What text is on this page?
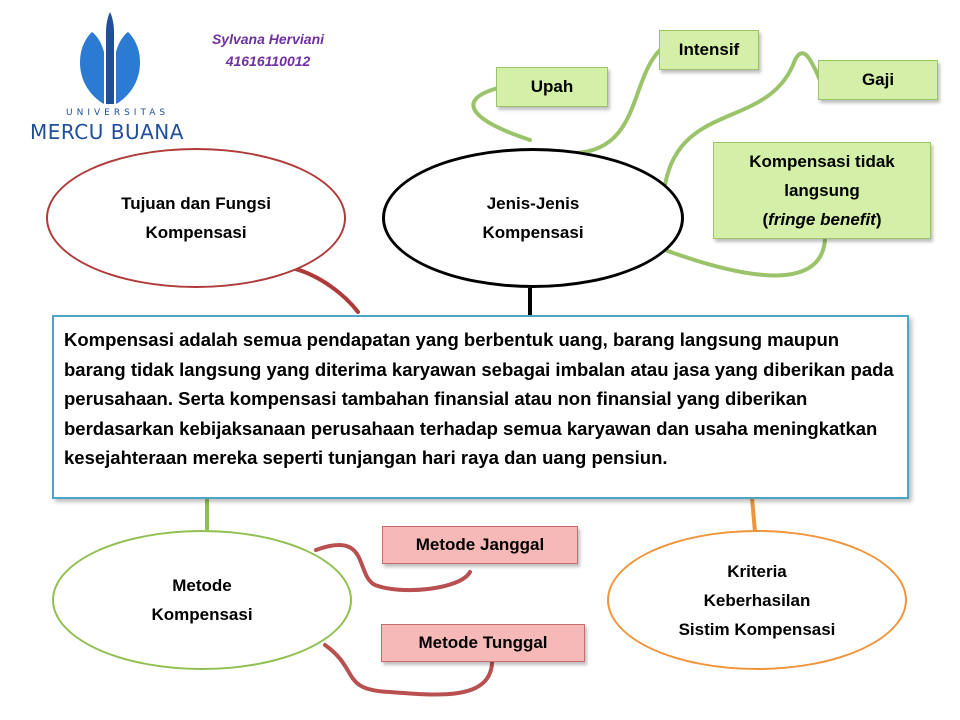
UNIVERSITAS
MERCU BUANA
Sylvana Herviani
41616110012
Tujuan dan Fungsi
Kompensasi
Jenis-Jenis
Kompensasi
Upah
Intensif
Gaji
Kompensasi tidak
langsung
(fringe benefit)
Kompensasi adalah semua pendapatan yang berbentuk uang, barang langsung maupun barang tidak langsung yang diterima karyawan sebagai imbalan atau jasa yang diberikan pada perusahaan. Serta kompensasi tambahan finansial atau non finansial yang diberikan berdasarkan kebijaksanaan perusahaan terhadap semua karyawan dan usaha meningkatkan kesejahteraan mereka seperti tunjangan hari raya dan uang pensiun.
Metode
Kompensasi
Metode Janggal
Metode Tunggal
Kriteria
Keberhasilan
Sistim Kompensasi
